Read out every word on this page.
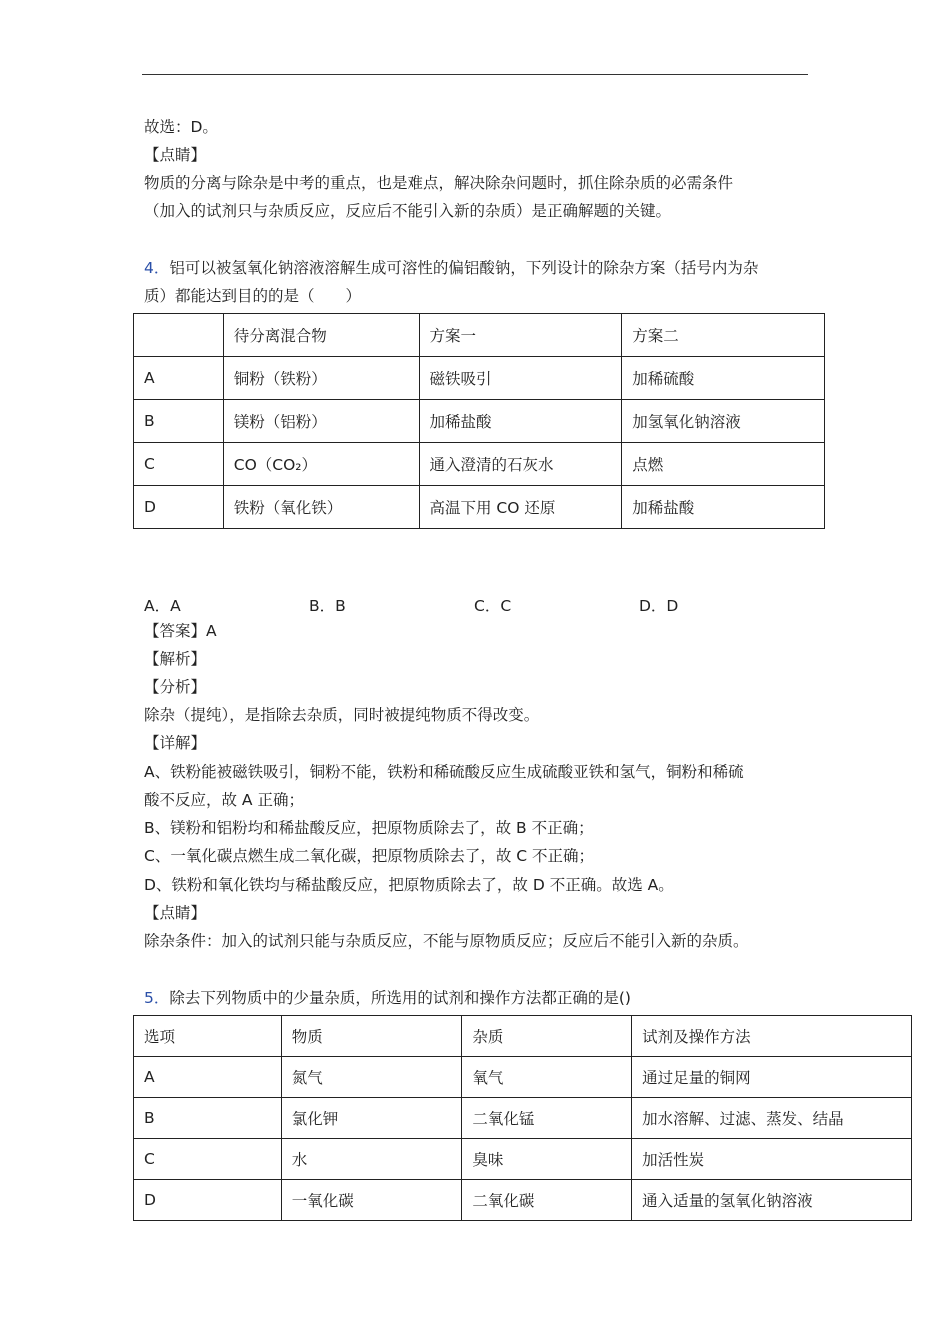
故选：D。
【点睛】
物质的分离与除杂是中考的重点，也是难点，解决除杂问题时，抓住除杂质的必需条件
（加入的试剂只与杂质反应，反应后不能引入新的杂质）是正确解题的关键。
4．铝可以被氢氧化钠溶液溶解生成可溶性的偏铝酸钠，下列设计的除杂方案（括号内为杂
质）都能达到目的的是（　　）
	待分离混合物	方案一	方案二
A	铜粉（铁粉）	磁铁吸引	加稀硫酸
B	镁粉（铝粉）	加稀盐酸	加氢氧化钠溶液
C	CO（CO₂）	通入澄清的石灰水	点燃
D	铁粉（氧化铁）	高温下用 CO 还原	加稀盐酸
A．A	B．B	C．C	D．D
【答案】A
【解析】
【分析】
除杂（提纯），是指除去杂质，同时被提纯物质不得改变。
【详解】
A、铁粉能被磁铁吸引，铜粉不能，铁粉和稀硫酸反应生成硫酸亚铁和氢气，铜粉和稀硫
酸不反应，故 A 正确；
B、镁粉和铝粉均和稀盐酸反应，把原物质除去了，故 B 不正确；
C、一氧化碳点燃生成二氧化碳，把原物质除去了，故 C 不正确；
D、铁粉和氧化铁均与稀盐酸反应，把原物质除去了，故 D 不正确。故选 A。
【点睛】
除杂条件：加入的试剂只能与杂质反应，不能与原物质反应；反应后不能引入新的杂质。
5．除去下列物质中的少量杂质，所选用的试剂和操作方法都正确的是()
选项	物质	杂质	试剂及操作方法
A	氮气	氧气	通过足量的铜网
B	氯化钾	二氧化锰	加水溶解、过滤、蒸发、结晶
C	水	臭味	加活性炭
D	一氧化碳	二氧化碳	通入适量的氢氧化钠溶液
